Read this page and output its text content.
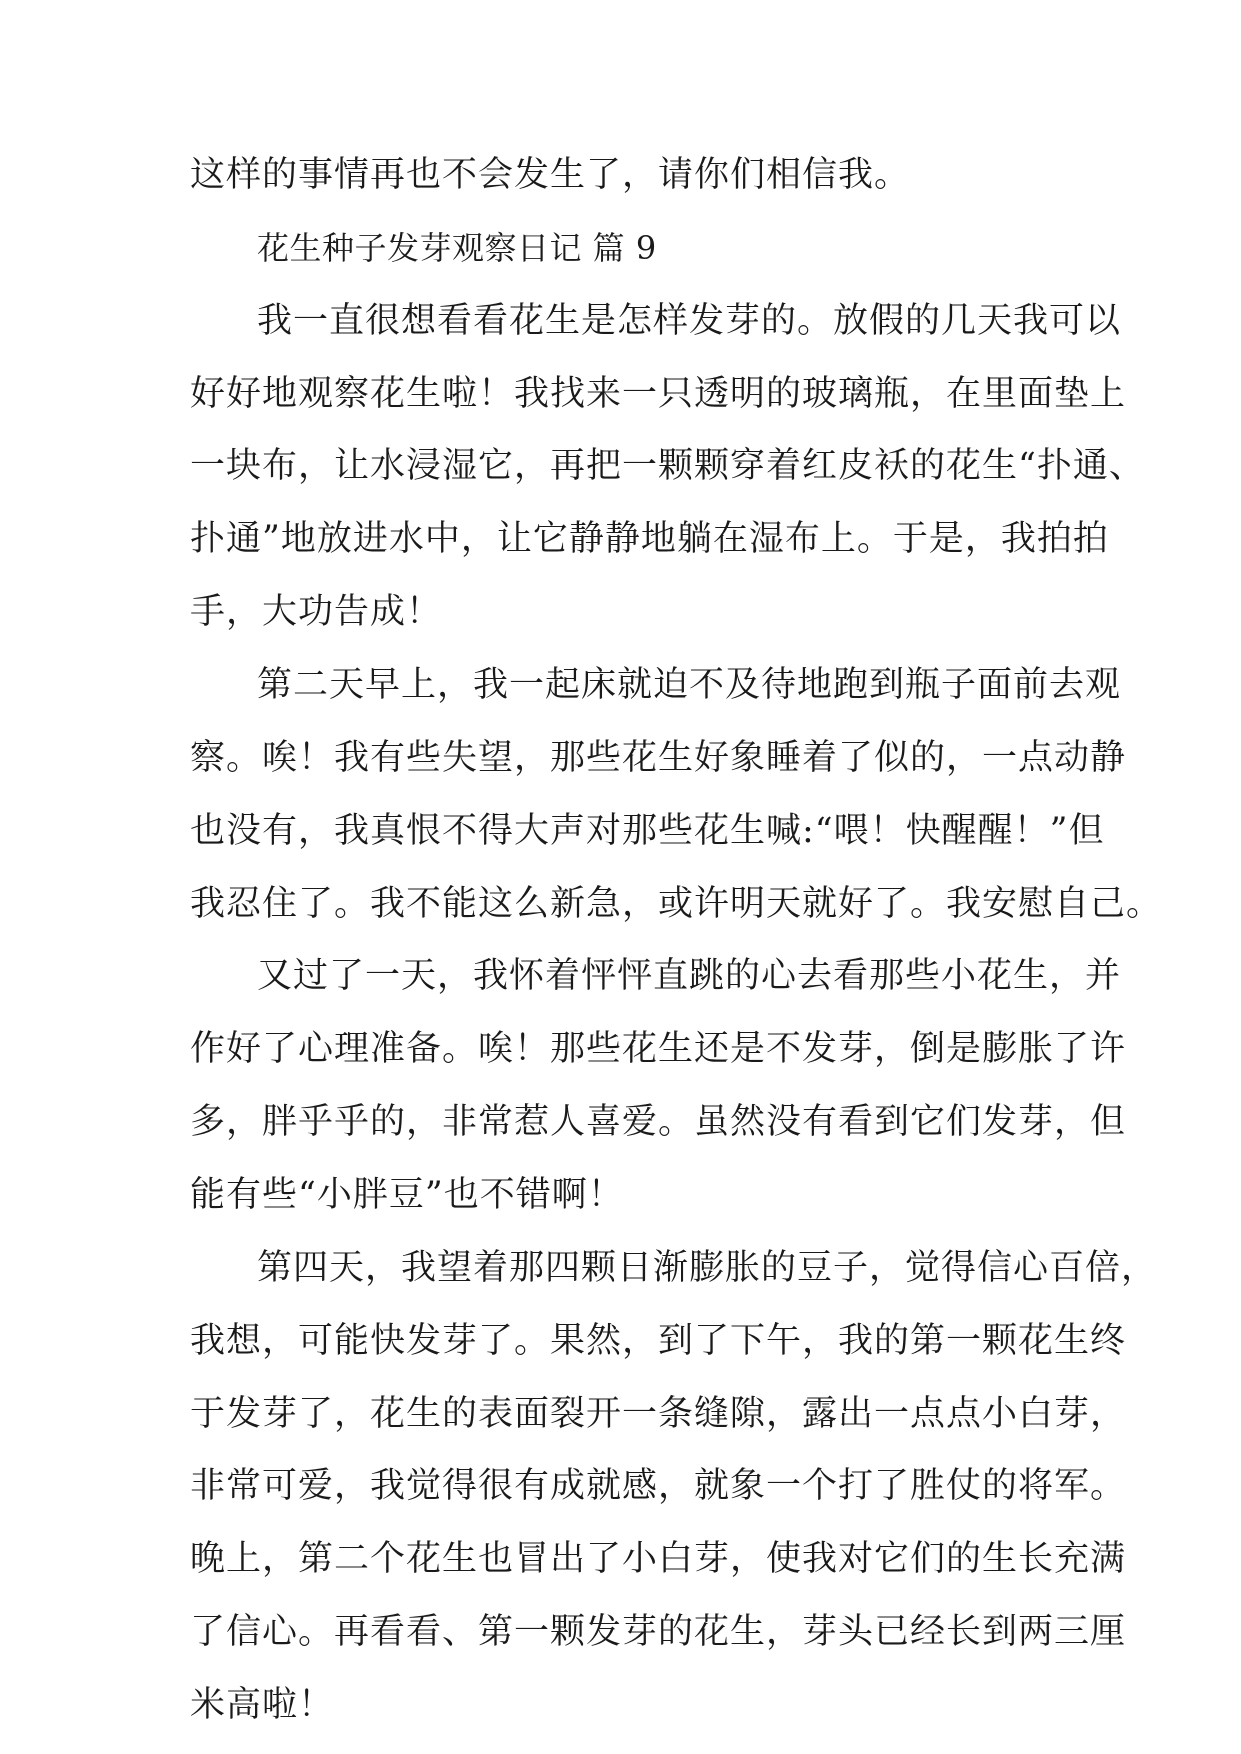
这样的事情再也不会发生了，请你们相信我。
花生种子发芽观察日记 篇 9
我一直很想看看花生是怎样发芽的。放假的几天我可以
好好地观察花生啦！我找来一只透明的玻璃瓶，在里面垫上
一块布，让水浸湿它，再把一颗颗穿着红皮袄的花生“扑通、
扑通”地放进水中，让它静静地躺在湿布上。于是，我拍拍
手，大功告成！
第二天早上，我一起床就迫不及待地跑到瓶子面前去观
察。唉！我有些失望，那些花生好象睡着了似的，一点动静
也没有，我真恨不得大声对那些花生喊:“喂！快醒醒！”但
我忍住了。我不能这么新急，或许明天就好了。我安慰自己。
又过了一天，我怀着怦怦直跳的心去看那些小花生，并
作好了心理准备。唉！那些花生还是不发芽，倒是膨胀了许
多，胖乎乎的，非常惹人喜爱。虽然没有看到它们发芽，但
能有些“小胖豆”也不错啊！
第四天，我望着那四颗日渐膨胀的豆子，觉得信心百倍，
我想，可能快发芽了。果然，到了下午，我的第一颗花生终
于发芽了，花生的表面裂开一条缝隙，露出一点点小白芽，
非常可爱，我觉得很有成就感，就象一个打了胜仗的将军。
晚上，第二个花生也冒出了小白芽，使我对它们的生长充满
了信心。再看看、第一颗发芽的花生，芽头已经长到两三厘
米高啦！
